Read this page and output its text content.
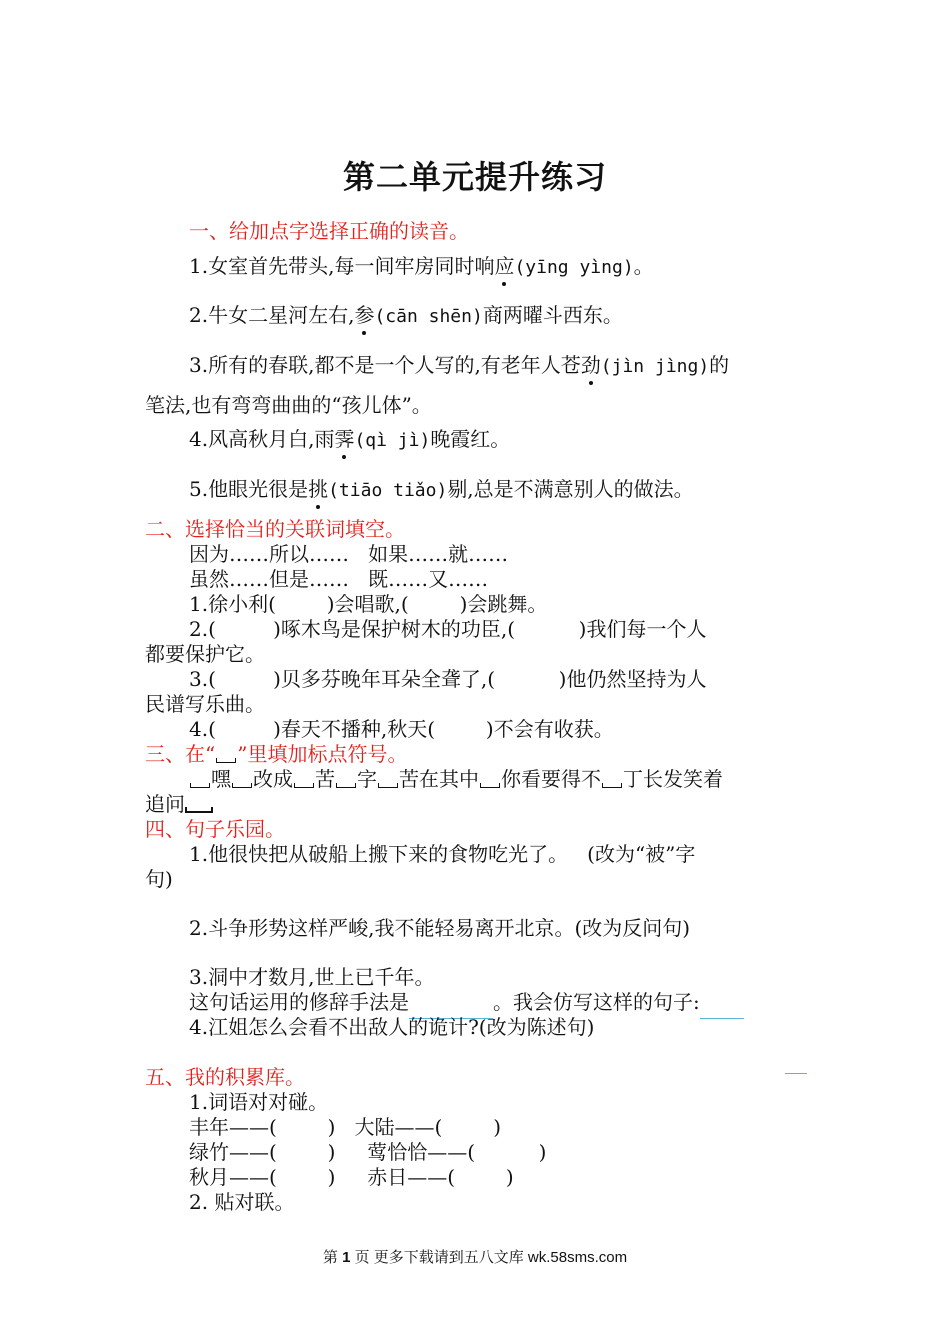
第二单元提升练习
一、给加点字选择正确的读音。
1.女室首先带头,每一间牢房同时响应(yīng yìng)。
2.牛女二星河左右,参(cān shēn)商两曜斗西东。
3.所有的春联,都不是一个人写的,有老年人苍劲(jìn jìng)的
笔法,也有弯弯曲曲的“孩儿体”。
4.风高秋月白,雨霁(qì jì)晚霞红。
5.他眼光很是挑(tiāo tiǎo)剔,总是不满意别人的做法。
二、选择恰当的关联词填空。
因为……所以……   如果……就……
虽然……但是……   既……又……
1.徐小利(        )会唱歌,(        )会跳舞。
2.(         )啄木鸟是保护树木的功臣,(          )我们每一个人
都要保护它。
3.(         )贝多芬晚年耳朵全聋了,(          )他仍然坚持为人
民谱写乐曲。
4.(         )春天不播种,秋天(        )不会有收获。
三、在“ ”里填加标点符号。
嘿 改成 苦 字 苦在其中 你看要得不 丁长发笑着
追问
四、句子乐园。
1.他很快把从破船上搬下来的食物吃光了。   (改为“被”字
句)
2.斗争形势这样严峻,我不能轻易离开北京。(改为反问句)
3.洞中才数月,世上已千年。
这句话运用的修辞手法是	。我会仿写这样的句子:
4.江姐怎么会看不出敌人的诡计?(改为陈述句)

五、我的积累库。
1.词语对对碰。
丰年——(        )   大陆——(        )
绿竹——(        )     莺恰恰——(          )
秋月——(        )     赤日——(        )
2. 贴对联。
第 1 页 更多下载请到五八文库 wk.58sms.com
